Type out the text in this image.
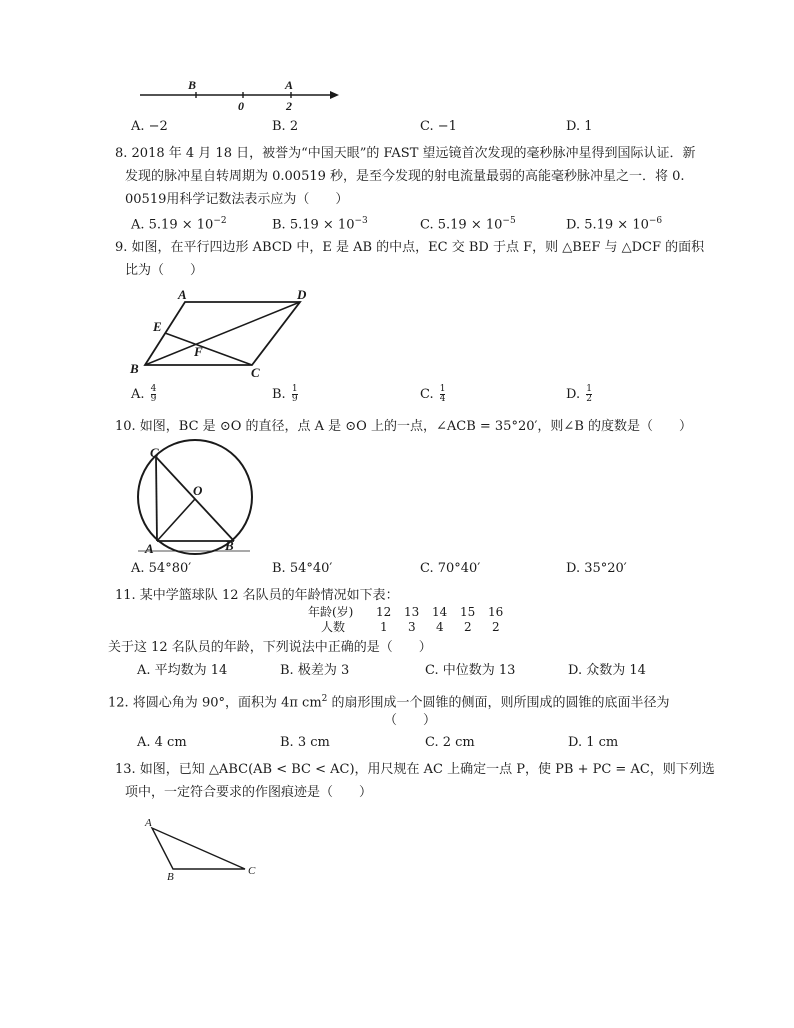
B	A
0	2
A. −2	B. 2	C. −1	D. 1
8. 2018 年 4 月 18 日，被誉为“中国天眼”的 FAST 望远镜首次发现的毫秒脉冲星得到国际认证．新
发现的脉冲星自转周期为 0.00519 秒，是至今发现的射电流量最弱的高能毫秒脉冲星之一．将 0.
00519用科学记数法表示应为（　　）
A. $5.19 \times 10^{-2}$	B. $5.19 \times 10^{-3}$	C. $5.19 \times 10^{-5}$	D. $5.19 \times 10^{-6}$
9. 如图，在平行四边形 ABCD 中，E 是 AB 的中点，EC 交 BD 于点 F，则 △BEF 与 △DCF 的面积
比为（　　）
A	D
E
F
B	C
A. $\frac{4}{9}$	B. $\frac{1}{9}$	C. $\frac{1}{4}$	D. $\frac{1}{2}$
10. 如图，BC 是 ⊙O 的直径，点 A 是 ⊙O 上的一点，∠ACB = 35°20′，则∠B 的度数是（　　）
C
O
A	B
A. 54°80′	B. 54°40′	C. 70°40′	D. 35°20′
11. 某中学篮球队 12 名队员的年龄情况如下表：
年龄(岁) 12 13 14 15 16
人数	1 3 4 2 2
关于这 12 名队员的年龄，下列说法中正确的是（　　）
A. 平均数为 14	B. 极差为 3	C. 中位数为 13	D. 众数为 14
12. 将圆心角为 90°，面积为 4π $cm^2$ 的扇形围成一个圆锥的侧面，则所围成的圆锥的底面半径为
（　　）
A. 4 cm	B. 3 cm	C. 2 cm	D. 1 cm
13. 如图，已知 △ABC(AB < BC < AC)，用尺规在 AC 上确定一点 P，使 PB + PC = AC，则下列选
项中，一定符合要求的作图痕迹是（　　）
A
B	C
